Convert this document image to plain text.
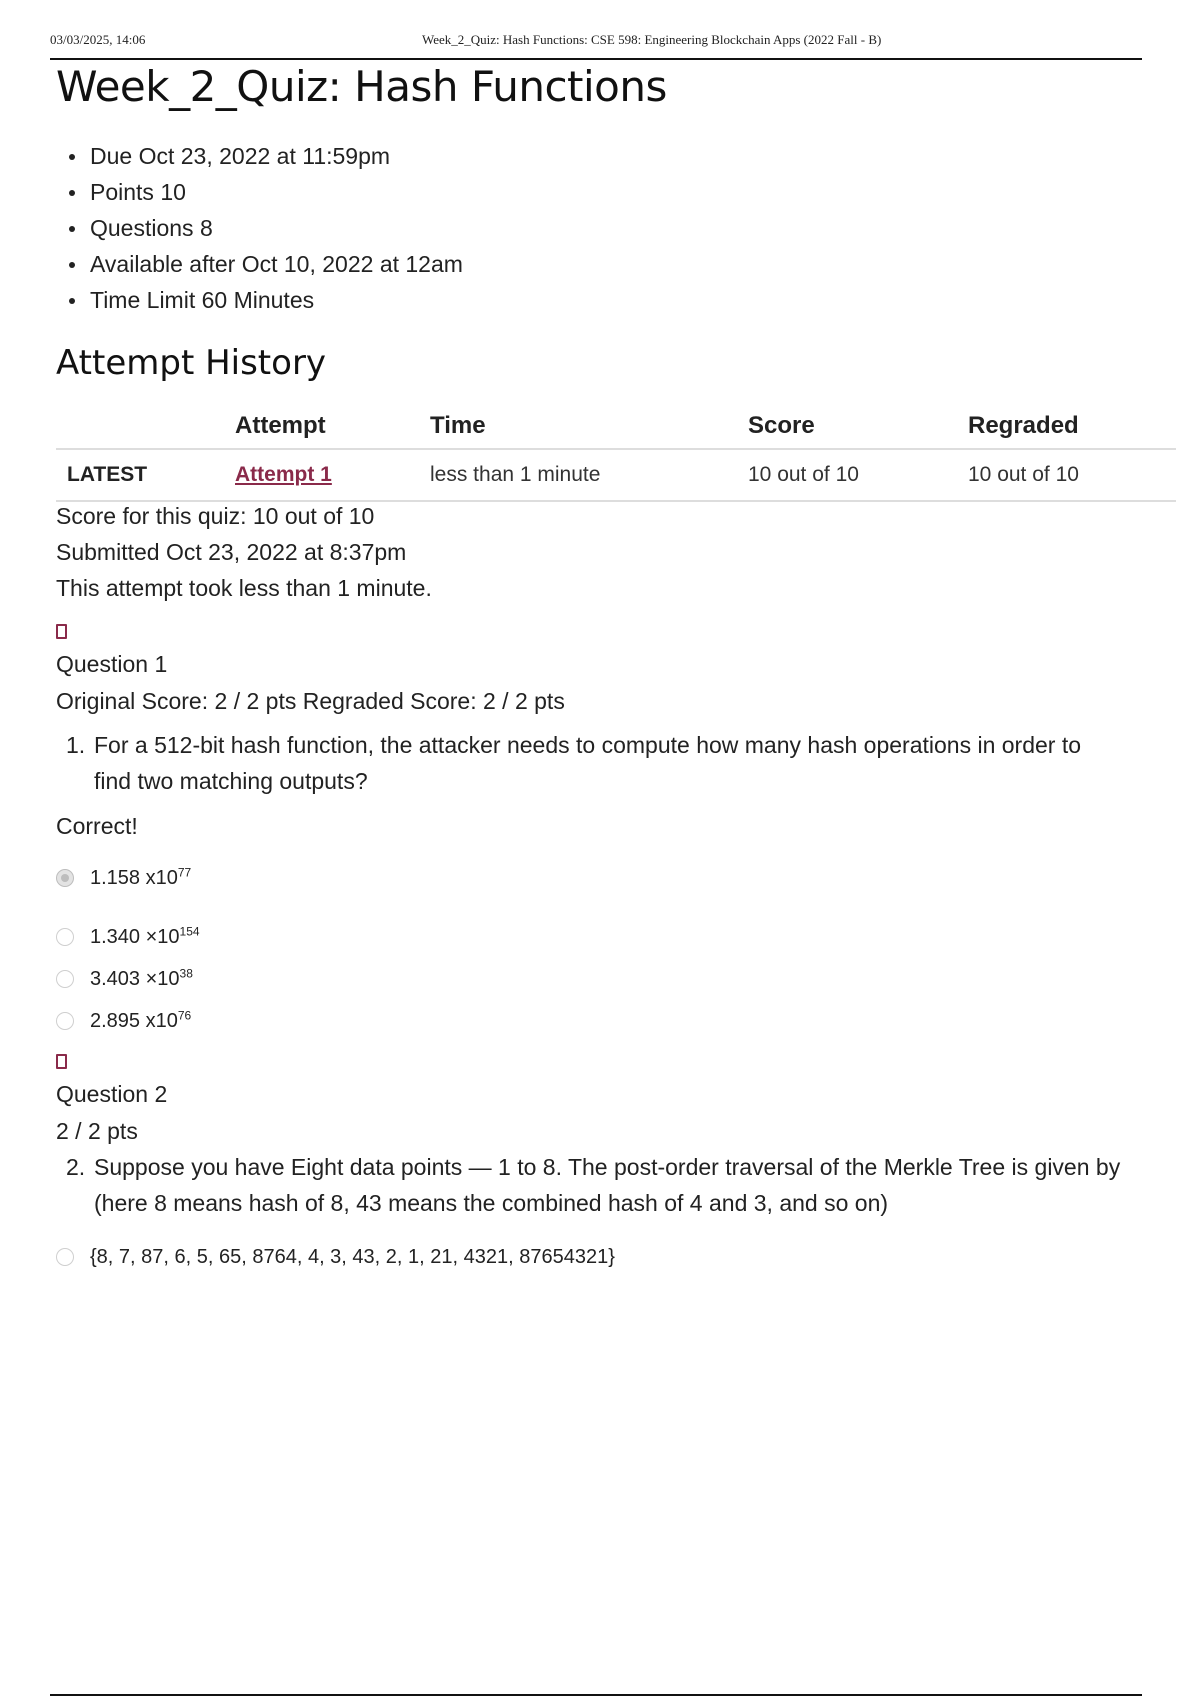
03/03/2025, 14:06	Week_2_Quiz: Hash Functions: CSE 598: Engineering Blockchain Apps (2022 Fall - B)
Week_2_Quiz: Hash Functions
Due Oct 23, 2022 at 11:59pm
Points 10
Questions 8
Available after Oct 10, 2022 at 12am
Time Limit 60 Minutes
Attempt History
	Attempt	Time	Score	Regraded
LATEST	Attempt 1	less than 1 minute	10 out of 10	10 out of 10
Score for this quiz: 10 out of 10
Submitted Oct 23, 2022 at 8:37pm
This attempt took less than 1 minute.
Question 1
Original Score: 2 / 2 pts Regraded Score: 2 / 2 pts
1. For a 512-bit hash function, the attacker needs to compute how many hash operations in order to
find two matching outputs?
Correct!
1.158 $x10^{77}$
$1.340 \times 10^{154}$
$3.403 \times 10^{38}$
2.895 $x10^{76}$
Question 2
2 / 2 pts
2. Suppose you have Eight data points — 1 to 8. The post-order traversal of the Merkle Tree is given by
(here 8 means hash of 8, 43 means the combined hash of 4 and 3, and so on)
{8, 7, 87, 6, 5, 65, 8764, 4, 3, 43, 2, 1, 21, 4321, 87654321}
